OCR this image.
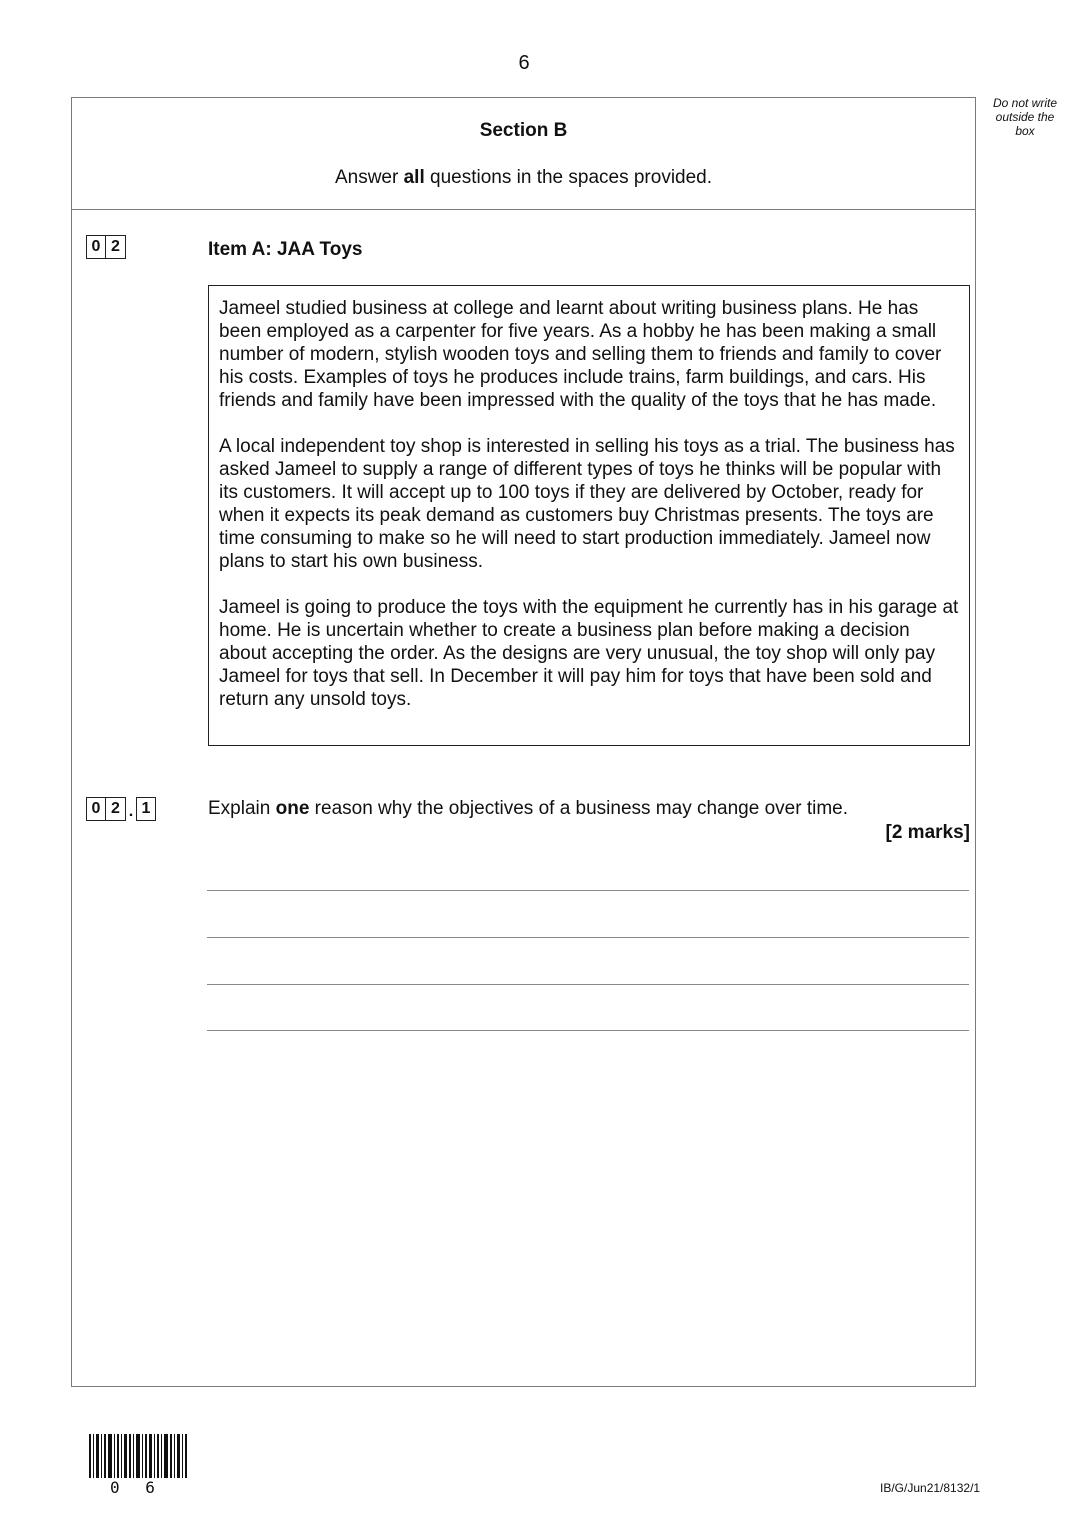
6
Do not write outside the box
Section B
Answer all questions in the spaces provided.
0 2	Item A: JAA Toys

Jameel studied business at college and learnt about writing business plans. He has been employed as a carpenter for five years. As a hobby he has been making a small number of modern, stylish wooden toys and selling them to friends and family to cover his costs. Examples of toys he produces include trains, farm buildings, and cars. His friends and family have been impressed with the quality of the toys that he has made.

A local independent toy shop is interested in selling his toys as a trial. The business has asked Jameel to supply a range of different types of toys he thinks will be popular with its customers. It will accept up to 100 toys if they are delivered by October, ready for when it expects its peak demand as customers buy Christmas presents. The toys are time consuming to make so he will need to start production immediately. Jameel now plans to start his own business.

Jameel is going to produce the toys with the equipment he currently has in his garage at home. He is uncertain whether to create a business plan before making a decision about accepting the order. As the designs are very unusual, the toy shop will only pay Jameel for toys that sell. In December it will pay him for toys that have been sold and return any unsold toys.

0 2 . 1	Explain one reason why the objectives of a business may change over time.
[2 marks]
0 6	IB/G/Jun21/8132/1
